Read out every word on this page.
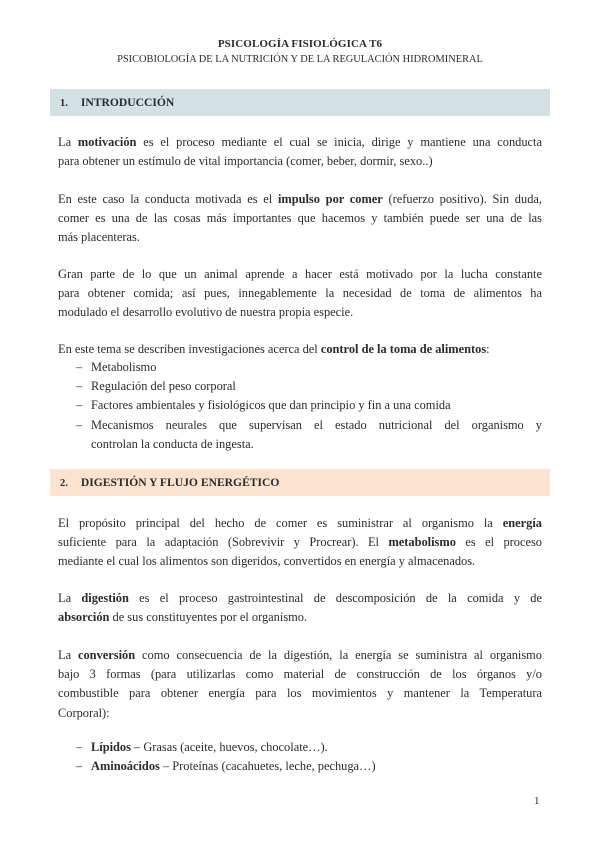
PSICOLOGÍA FISIOLÓGICA T6
PSICOBIOLOGÍA DE LA NUTRICIÓN Y DE LA REGULACIÓN HIDROMINERAL
1. INTRODUCCIÓN

La motivación es el proceso mediante el cual se inicia, dirige y mantiene una conducta
para obtener un estímulo de vital importancia (comer, beber, dormir, sexo..)

En este caso la conducta motivada es el impulso por comer (refuerzo positivo). Sin duda,
comer es una de las cosas más importantes que hacemos y también puede ser una de las
más placenteras.

Gran parte de lo que un animal aprende a hacer está motivado por la lucha constante
para obtener comida; así pues, innegablemente la necesidad de toma de alimentos ha
modulado el desarrollo evolutivo de nuestra propia especie.

En este tema se describen investigaciones acerca del control de la toma de alimentos:

– Metabolismo
– Regulación del peso corporal
– Factores ambientales y fisiológicos que dan principio y fin a una comida
– Mecanismos neurales que supervisan el estado nutricional del organismo y
controlan la conducta de ingesta.
2. DIGESTIÓN Y FLUJO ENERGÉTICO

El propósito principal del hecho de comer es suministrar al organismo la energía
suficiente para la adaptación (Sobrevivir y Procrear). El metabolismo es el proceso
mediante el cual los alimentos son digeridos, convertidos en energía y almacenados.

La digestión es el proceso gastrointestinal de descomposición de la comida y de
absorción de sus constituyentes por el organismo.

La conversión como consecuencia de la digestión, la energía se suministra al organismo
bajo 3 formas (para utilizarlas como material de construcción de los órganos y/o
combustible para obtener energía para los movimientos y mantener la Temperatura
Corporal):

– Lípidos – Grasas (aceite, huevos, chocolate…).
– Aminoácidos – Proteínas (cacahuetes, leche, pechuga…)
1
